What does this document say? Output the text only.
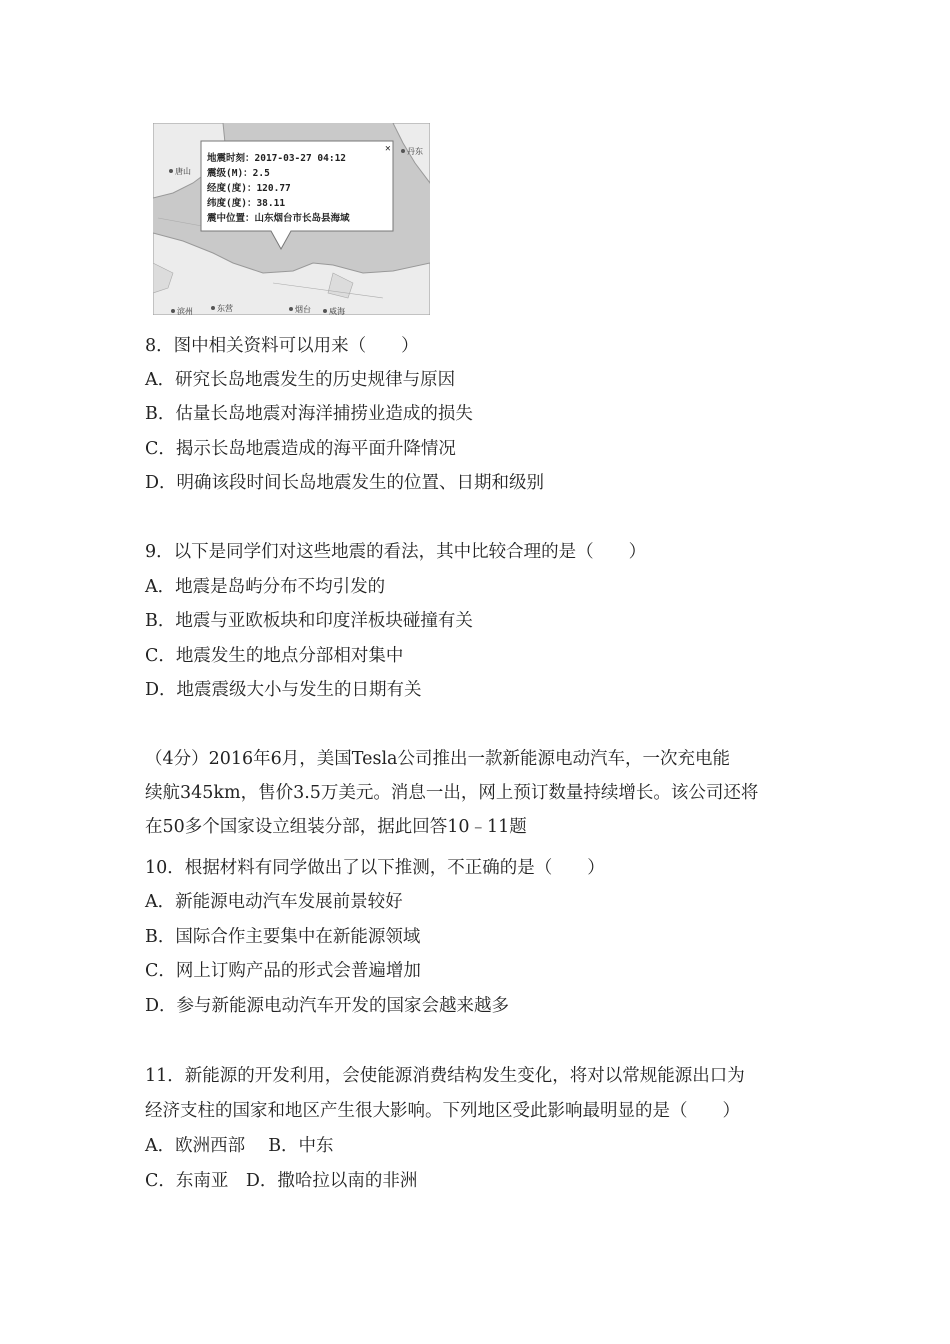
唐山
丹东
滨州	东营	烟台 威海
✕
地震时刻：2017-03-27 04:12
震级(M)：2.5
经度(度)：120.77
纬度(度)：38.11
震中位置：山东烟台市长岛县海域
8．图中相关资料可以用来（　　）
A．研究长岛地震发生的历史规律与原因
B．估量长岛地震对海洋捕捞业造成的损失
C．揭示长岛地震造成的海平面升降情况
D．明确该段时间长岛地震发生的位置、日期和级别
9．以下是同学们对这些地震的看法，其中比较合理的是（　　）
A．地震是岛屿分布不均引发的
B．地震与亚欧板块和印度洋板块碰撞有关
C．地震发生的地点分部相对集中
D．地震震级大小与发生的日期有关
（4分）2016年6月，美国Tesla公司推出一款新能源电动汽车，一次充电能
续航345km，售价3.5万美元。消息一出，网上预订数量持续增长。该公司还将
在50多个国家设立组装分部，据此回答10﹣11题
10．根据材料有同学做出了以下推测，不正确的是（　　）
A．新能源电动汽车发展前景较好
B．国际合作主要集中在新能源领域
C．网上订购产品的形式会普遍增加
D．参与新能源电动汽车开发的国家会越来越多
11．新能源的开发利用，会使能源消费结构发生变化，将对以常规能源出口为
经济支柱的国家和地区产生很大影响。下列地区受此影响最明显的是（　　）
A．欧洲西部　 B．中东
C．东南亚　D．撒哈拉以南的非洲
